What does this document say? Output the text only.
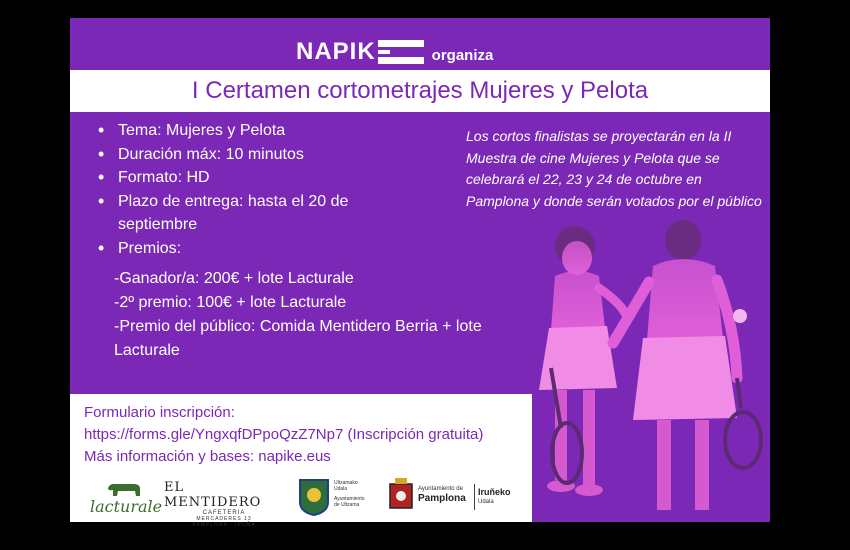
NAPIK	organiza
I Certamen cortometrajes Mujeres y Pelota
• Tema: Mujeres y Pelota
• Duración máx: 10 minutos
• Formato: HD
• Plazo de entrega: hasta el 20 de septiembre
• Premios:
-Ganador/a: 200€ + lote Lacturale
-2º premio: 100€ + lote Lacturale
-Premio del público: Comida Mentidero Berria + lote Lacturale
Los cortos finalistas se proyectarán en la II Muestra de cine Mujeres y Pelota que se celebrará el 22, 23 y 24 de octubre en Pamplona y donde serán votados por el público
Formulario inscripción:
https://forms.gle/YngxqfDPpoQzZ7Np7 (Inscripción gratuita)
Más información y bases: napike.eus
lacturale
EL MENTIDERO
CAFETERIA
MERCADERES 13
PAMPLONA · IRUÑA
Ultzamako
Udala
Ayuntamiento
de Ultzama
Ayuntamiento de
Pamplona
Iruñeko
Udala
